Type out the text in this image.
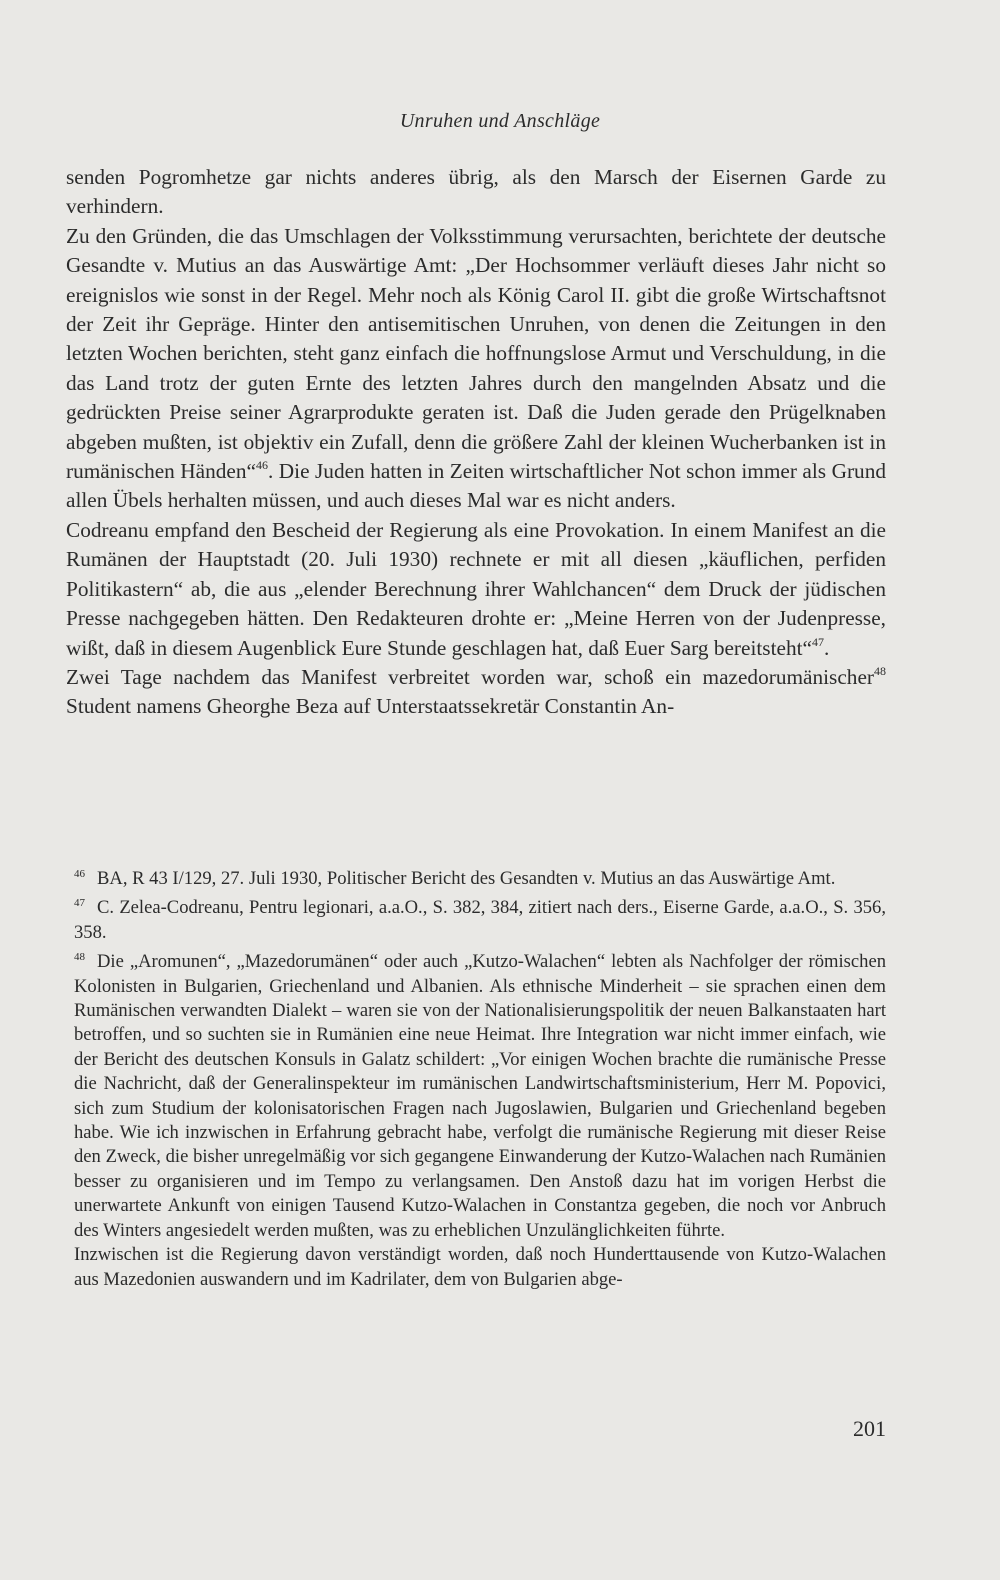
Unruhen und Anschläge

senden Pogromhetze gar nichts anderes übrig, als den Marsch der Eisernen Garde zu verhindern.

Zu den Gründen, die das Umschlagen der Volksstimmung verursachten, berichtete der deutsche Gesandte v. Mutius an das Auswärtige Amt: „Der Hochsommer verläuft dieses Jahr nicht so ereignislos wie sonst in der Regel. Mehr noch als König Carol II. gibt die große Wirtschaftsnot der Zeit ihr Gepräge. Hinter den antisemitischen Unruhen, von denen die Zeitungen in den letzten Wochen berichten, steht ganz einfach die hoffnungslose Armut und Verschuldung, in die das Land trotz der guten Ernte des letzten Jahres durch den mangelnden Absatz und die gedrückten Preise seiner Agrarprodukte geraten ist. Daß die Juden gerade den Prügelknaben abgeben mußten, ist objektiv ein Zufall, denn die größere Zahl der kleinen Wucherbanken ist in rumänischen Händen“$^{46}$. Die Juden hatten in Zeiten wirtschaftlicher Not schon immer als Grund allen Übels herhalten müssen, und auch dieses Mal war es nicht anders.

Codreanu empfand den Bescheid der Regierung als eine Provokation. In einem Manifest an die Rumänen der Hauptstadt (20. Juli 1930) rechnete er mit all diesen „käuflichen, perfiden Politikastern“ ab, die aus „elender Berechnung ihrer Wahlchancen“ dem Druck der jüdischen Presse nachgegeben hätten. Den Redakteuren drohte er: „Meine Herren von der Judenpresse, wißt, daß in diesem Augenblick Eure Stunde geschlagen hat, daß Euer Sarg bereitsteht“$^{47}$.

Zwei Tage nachdem das Manifest verbreitet worden war, schoß ein mazedorumänischer$^{48}$ Student namens Gheorghe Beza auf Unterstaatssekretär Constantin An-

$^{46}$ BA, R 43 I/129, 27. Juli 1930, Politischer Bericht des Gesandten v. Mutius an das Auswärtige Amt.

$^{47}$ C. Zelea-Codreanu, Pentru legionari, a.a.O., S. 382, 384, zitiert nach ders., Eiserne Garde, a.a.O., S. 356, 358.

$^{48}$ Die „Aromunen“, „Mazedorumänen“ oder auch „Kutzo-Walachen“ lebten als Nachfolger der römischen Kolonisten in Bulgarien, Griechenland und Albanien. Als ethnische Minderheit – sie sprachen einen dem Rumänischen verwandten Dialekt – waren sie von der Nationalisierungspolitik der neuen Balkanstaaten hart betroffen, und so suchten sie in Rumänien eine neue Heimat. Ihre Integration war nicht immer einfach, wie der Bericht des deutschen Konsuls in Galatz schildert: „Vor einigen Wochen brachte die rumänische Presse die Nachricht, daß der Generalinspekteur im rumänischen Landwirtschaftsministerium, Herr M. Popovici, sich zum Studium der kolonisatorischen Fragen nach Jugoslawien, Bulgarien und Griechenland begeben habe. Wie ich inzwischen in Erfahrung gebracht habe, verfolgt die rumänische Regierung mit dieser Reise den Zweck, die bisher unregelmäßig vor sich gegangene Einwanderung der Kutzo-Walachen nach Rumänien besser zu organisieren und im Tempo zu verlangsamen. Den Anstoß dazu hat im vorigen Herbst die unerwartete Ankunft von einigen Tausend Kutzo-Walachen in Constantza gegeben, die noch vor Anbruch des Winters angesiedelt werden mußten, was zu erheblichen Unzulänglichkeiten führte.

Inzwischen ist die Regierung davon verständigt worden, daß noch Hunderttausende von Kutzo-Walachen aus Mazedonien auswandern und im Kadrilater, dem von Bulgarien abge-

201
